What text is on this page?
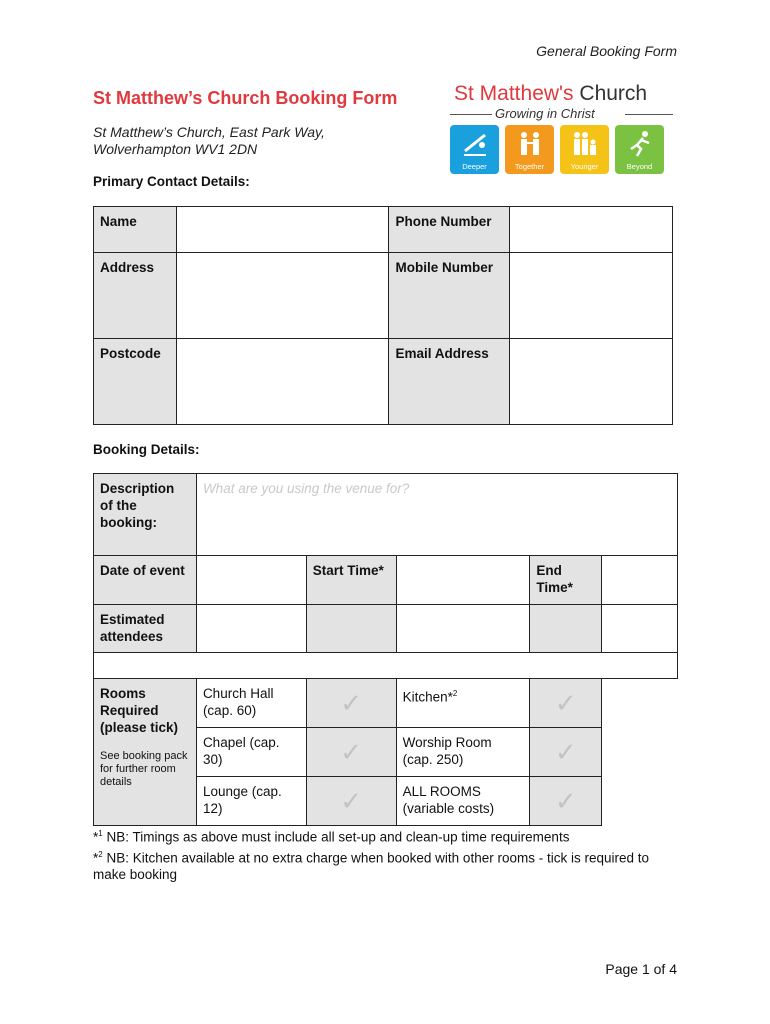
General Booking Form
St Matthew’s Church Booking Form
St Matthew’s Church, East Park Way,
Wolverhampton WV1 2DN
St Matthew's Church
Growing in Christ
Deeper	Together	Younger	Beyond
Primary Contact Details:
Name		Phone Number	
Address		Mobile Number	
Postcode		Email Address	
Booking Details:
Description of the booking:	What are you using the venue for?				
Date of event		Start Time*		End Time*	
Estimated attendees					

Rooms Required (please tick)
See booking pack for further room details	Church Hall (cap. 60)	✓	Kitchen*$^2$	✓	
	Chapel (cap. 30)	✓	Worship Room (cap. 250)	✓	
	Lounge (cap. 12)	✓	ALL ROOMS (variable costs)	✓	
*$^1$ NB: Timings as above must include all set-up and clean-up time requirements
*$^2$ NB: Kitchen available at no extra charge when booked with other rooms - tick is required to make booking
Page 1 of 4
